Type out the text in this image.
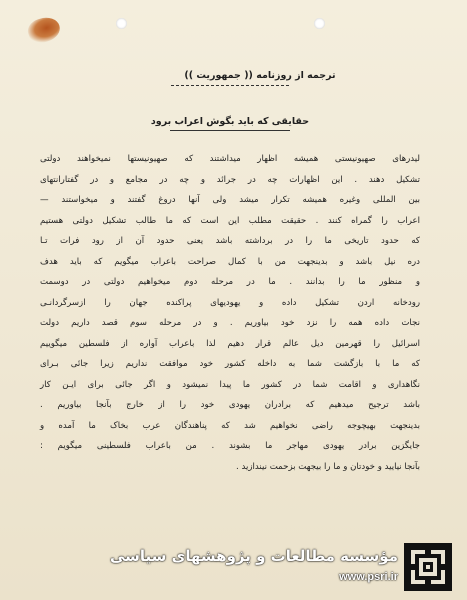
ترجمه از روزنامه (( جمهوریت ))
حقایقی که باید بگوش اعراب برود
لیدرهای صهیونیستی همیشه اظهار میداشتند که صهیونیستها نمیخواهند دولتی
تشکیل دهند . این اظهارات چه در جرائد و چه در مجامع و در گفتارانتهای
بین المللی وغیره همیشه تکرار میشد ولی آنها دروغ گفتند و میخواستند —
اعراب را گمراه کنند . حقیقت مطلب این است که ما طالب تشکیل دولتی هستیم
که حدود تاریخی ما را در برداشته باشد یعنی حدود آن از رود فرات تـا
دره نیل باشد و بدینجهت من با کمال صراحت باعراب میگویم که باید هدف
و منظور ما را بدانند . ما در مرحله دوم میخواهیم دولتی در دوسمت
رودخانه اردن تشکیل داده و یهودیهای پراکنده جهان را ازسرگردانـی
نجات داده همه را نزد خود بیاوریم . و در مرحله سوم قصد داریم دولت
اسرائیل را قهرمین دیل عالم قرار دهیم لذا باعراب آواره از فلسطین میگوییم
که ما با بازگشت شما به داخله کشور خود موافقت نداریم زیرا جائی بـرای
نگاهداری و اقامت شما در کشور ما پیدا نمیشود و اگر جائی برای ایـن کار
باشد ترجیح میدهیم که برادران یهودی خود را از خارج بآنجا بیاوریم .
بدینجهت بهیچوجه راضی نخواهیم شد که پناهندگان عرب بخاک ما آمده و
جایگزین برادر یهودی مهاجر ما بشوند . من باعراب فلسطینی میگویم :
بآنجا نیایید و خودتان و ما را بیجهت بزحمت نیندازید .
مؤسسه مطالعات و پژوهشهای سیاسی
www.psri.ir
